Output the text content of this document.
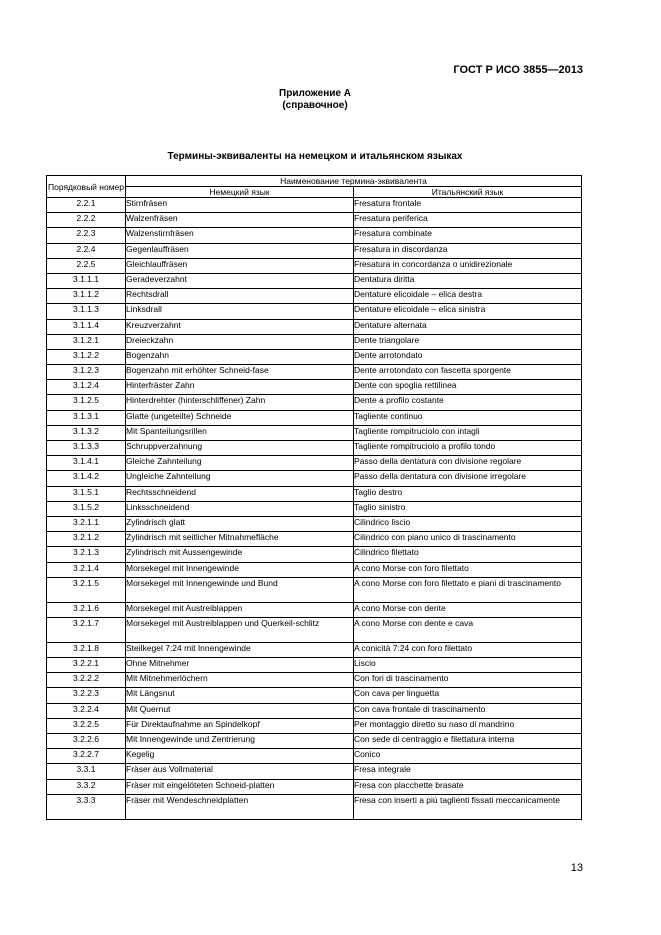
ГОСТ Р ИСО 3855—2013
Приложение А
(справочное)
Термины-эквиваленты на немецком и итальянском языках
Порядковый номер	Наименование термина-эквивалента	
	Немецкий язык	Итальянский язык
2.2.1	Stirnfräsen	Fresatura frontale
2.2.2	Walzenfräsen	Fresatura periferica
2.2.3	Walzenstirnfräsen	Fresatura combinate
2.2.4	Gegenlauffräsen	Fresatura in discordanza
2.2.5	Gleichlauffräsen	Fresatura in concordanza o unidirezionale
3.1.1.1	Geradeverzahnt	Dentatura diritta
3.1.1.2	Rechtsdrall	Dentature elicoidale – elica destra
3.1.1.3	Linksdrall	Dentature elicoidale – elica sinistra
3.1.1.4	Kreuzverzahnt	Dentature alternata
3.1.2.1	Dreieckzahn	Dente triangolare
3.1.2.2	Bogenzahn	Dente arrotondato
3.1.2.3	Bogenzahn mit erhöhter Schneid-fase	Dente arrotondato con fascetta sporgente
3.1.2.4	Hinterfräster Zahn	Dente con spoglia rettilinea
3.1.2.5	Hinterdrehter (hinterschliffener) Zahn	Dente a profilo costante
3.1.3.1	Glatte (ungeteilte) Schneide	Tagliente continuo
3.1.3.2	Mit Spanteilungsrillen	Tagliente rompitruciolo con intagli
3.1.3.3	Schruppverzahnung	Tagliente rompitruciolo a profilo tondo
3.1.4.1	Gleiche Zahnteilung	Passo della dentatura con divisione regolare
3.1.4.2	Ungleiche Zahnteilung	Passo della dentatura con divisione irregolare
3.1.5.1	Rechtsschneidend	Taglio destro
3.1.5.2	Linksschneidend	Taglio sinistro
3.2.1.1	Zylindrisch glatt	Cilindrico liscio
3.2.1.2	Zylindrisch mit seitlicher Mitnahmefläche	Cilindrico con piano unico di trascinamento
3.2.1.3	Zylindrisch mit Aussengewinde	Cilindrico filettato
3.2.1.4	Morsekegel mit Innengewinde	A cono Morse con foro filettato
3.2.1.5	Morsekegel mit Innengewinde und Bund	A cono Morse con foro filettato e piani di trascinamento
3.2.1.6	Morsekegel mit Austreiblappen	A cono Morse con dente
3.2.1.7	Morsekegel mit Austreiblappen und Querkeil-schlitz	A cono Morse con dente e cava
3.2.1.8	Steilkegel 7:24 mit Innengewinde	A conicità 7:24 con foro filettato
3.2.2.1	Ohne Mitnehmer	Liscio
3.2.2.2	Mit Mitnehmerlöchern	Con fori di trascinamento
3.2.2.3	Mit Längsnut	Con cava per linguetta
3.2.2.4	Mit Quernut	Con cava frontale di trascinamento
3.2.2.5	Für Direktaufnahme an Spindelkopf	Per montaggio diretto su naso di mandrino
3.2.2.6	Mit Innengewinde und Zentrierung	Con sede di centraggio e filettatura interna
3.2.2.7	Kegelig	Conico
3.3.1	Fräser aus Vollmaterial	Fresa integrale
3.3.2	Fräser mit eingelöteten Schneid-platten	Fresa con placchette brasate
3.3.3	Fräser mit Wendeschneidplatten	Fresa con inserti a più taglienti fissati meccanicamente
13
